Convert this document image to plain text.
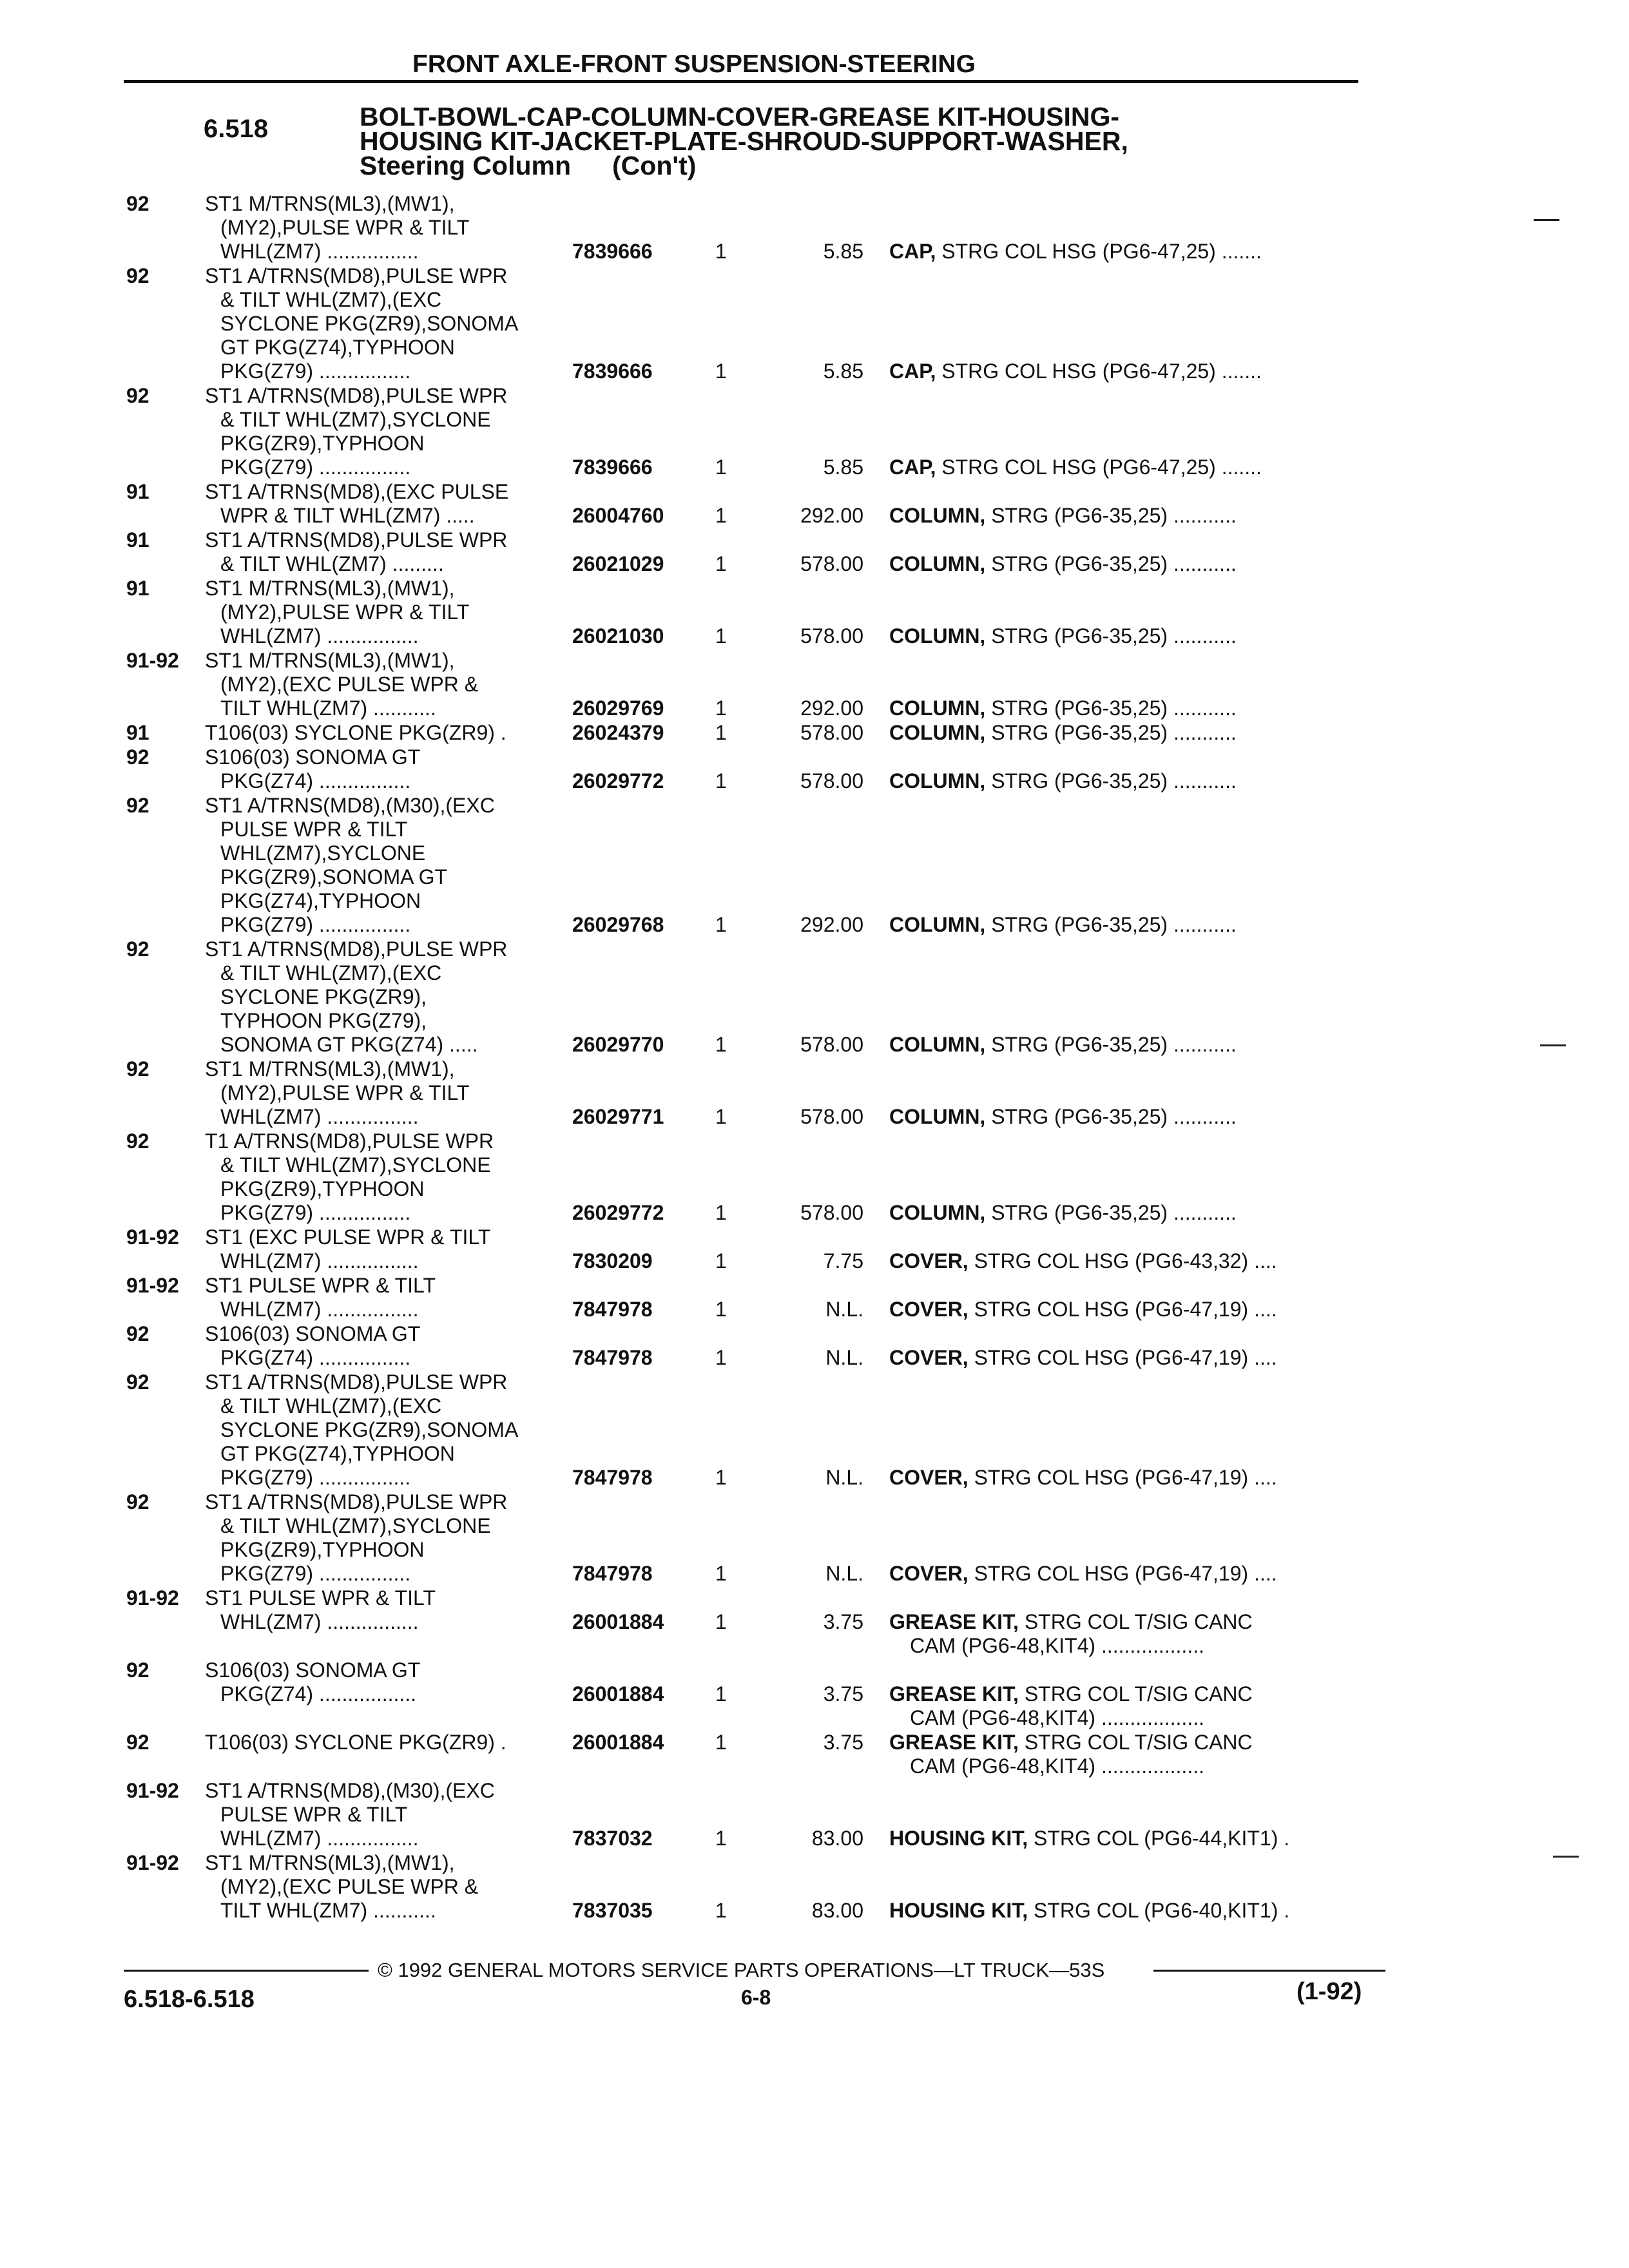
FRONT AXLE-FRONT SUSPENSION-STEERING
6.518	BOLT-BOWL-CAP-COLUMN-COVER-GREASE KIT-HOUSING-
HOUSING KIT-JACKET-PLATE-SHROUD-SUPPORT-WASHER,
Steering Column (Con't)
92	ST1 M/TRNS(ML3),(MW1),
(MY2),PULSE WPR & TILT
WHL(ZM7) ................	7839666	1	5.85 CAP, STRG COL HSG (PG6-47,25) .......
92	ST1 A/TRNS(MD8),PULSE WPR
& TILT WHL(ZM7),(EXC
SYCLONE PKG(ZR9),SONOMA
GT PKG(Z74),TYPHOON
PKG(Z79) ................	7839666	1	5.85 CAP, STRG COL HSG (PG6-47,25) .......
92	ST1 A/TRNS(MD8),PULSE WPR
& TILT WHL(ZM7),SYCLONE
PKG(ZR9),TYPHOON
PKG(Z79) ................	7839666	1	5.85 CAP, STRG COL HSG (PG6-47,25) .......
91	ST1 A/TRNS(MD8),(EXC PULSE
WPR & TILT WHL(ZM7) .....	26004760 1	292.00 COLUMN, STRG (PG6-35,25) ...........
91	ST1 A/TRNS(MD8),PULSE WPR
& TILT WHL(ZM7) .........	26021029 1	578.00 COLUMN, STRG (PG6-35,25) ...........
91	ST1 M/TRNS(ML3),(MW1),
(MY2),PULSE WPR & TILT
WHL(ZM7) ................	26021030 1	578.00 COLUMN, STRG (PG6-35,25) ...........
91-92	ST1 M/TRNS(ML3),(MW1),
(MY2),(EXC PULSE WPR &
TILT WHL(ZM7) ...........	26029769 1	292.00 COLUMN, STRG (PG6-35,25) ...........
91	T106(03) SYCLONE PKG(ZR9) .	26024379 1	578.00 COLUMN, STRG (PG6-35,25) ...........
92	S106(03) SONOMA GT
PKG(Z74) ................	26029772 1	578.00 COLUMN, STRG (PG6-35,25) ...........
92	ST1 A/TRNS(MD8),(M30),(EXC
PULSE WPR & TILT
WHL(ZM7),SYCLONE
PKG(ZR9),SONOMA GT
PKG(Z74),TYPHOON
PKG(Z79) ................	26029768 1	292.00 COLUMN, STRG (PG6-35,25) ...........
92	ST1 A/TRNS(MD8),PULSE WPR
& TILT WHL(ZM7),(EXC
SYCLONE PKG(ZR9),
TYPHOON PKG(Z79),
SONOMA GT PKG(Z74) .....	26029770 1	578.00 COLUMN, STRG (PG6-35,25) ...........
92	ST1 M/TRNS(ML3),(MW1),
(MY2),PULSE WPR & TILT
WHL(ZM7) ................	26029771 1	578.00 COLUMN, STRG (PG6-35,25) ...........
92	T1 A/TRNS(MD8),PULSE WPR
& TILT WHL(ZM7),SYCLONE
PKG(ZR9),TYPHOON
PKG(Z79) ................	26029772 1	578.00 COLUMN, STRG (PG6-35,25) ...........
91-92	ST1 (EXC PULSE WPR & TILT
WHL(ZM7) ................	7830209	1	7.75 COVER, STRG COL HSG (PG6-43,32) ....
91-92	ST1 PULSE WPR & TILT
WHL(ZM7) ................	7847978	1	N.L. COVER, STRG COL HSG (PG6-47,19) ....
92	S106(03) SONOMA GT
PKG(Z74) ................	7847978	1	N.L. COVER, STRG COL HSG (PG6-47,19) ....
92	ST1 A/TRNS(MD8),PULSE WPR
& TILT WHL(ZM7),(EXC
SYCLONE PKG(ZR9),SONOMA
GT PKG(Z74),TYPHOON
PKG(Z79) ................	7847978	1	N.L. COVER, STRG COL HSG (PG6-47,19) ....
92	ST1 A/TRNS(MD8),PULSE WPR
& TILT WHL(ZM7),SYCLONE
PKG(ZR9),TYPHOON
PKG(Z79) ................	7847978	1	N.L. COVER, STRG COL HSG (PG6-47,19) ....
91-92	ST1 PULSE WPR & TILT
WHL(ZM7) ................	26001884 1	3.75 GREASE KIT, STRG COL T/SIG CANC
CAM (PG6-48,KIT4) ..................
92	S106(03) SONOMA GT
PKG(Z74) .................	26001884 1	3.75 GREASE KIT, STRG COL T/SIG CANC
CAM (PG6-48,KIT4) ..................
92	T106(03) SYCLONE PKG(ZR9) .	26001884 1	3.75 GREASE KIT, STRG COL T/SIG CANC
CAM (PG6-48,KIT4) ..................
91-92	ST1 A/TRNS(MD8),(M30),(EXC
PULSE WPR & TILT
WHL(ZM7) ................	7837032	1	83.00 HOUSING KIT, STRG COL (PG6-44,KIT1) .
91-92	ST1 M/TRNS(ML3),(MW1),
(MY2),(EXC PULSE WPR &
TILT WHL(ZM7) ...........	7837035	1	83.00 HOUSING KIT, STRG COL (PG6-40,KIT1) .
© 1992 GENERAL MOTORS SERVICE PARTS OPERATIONS—LT TRUCK—53S
6.518-6.518	6-8	(1-92)
